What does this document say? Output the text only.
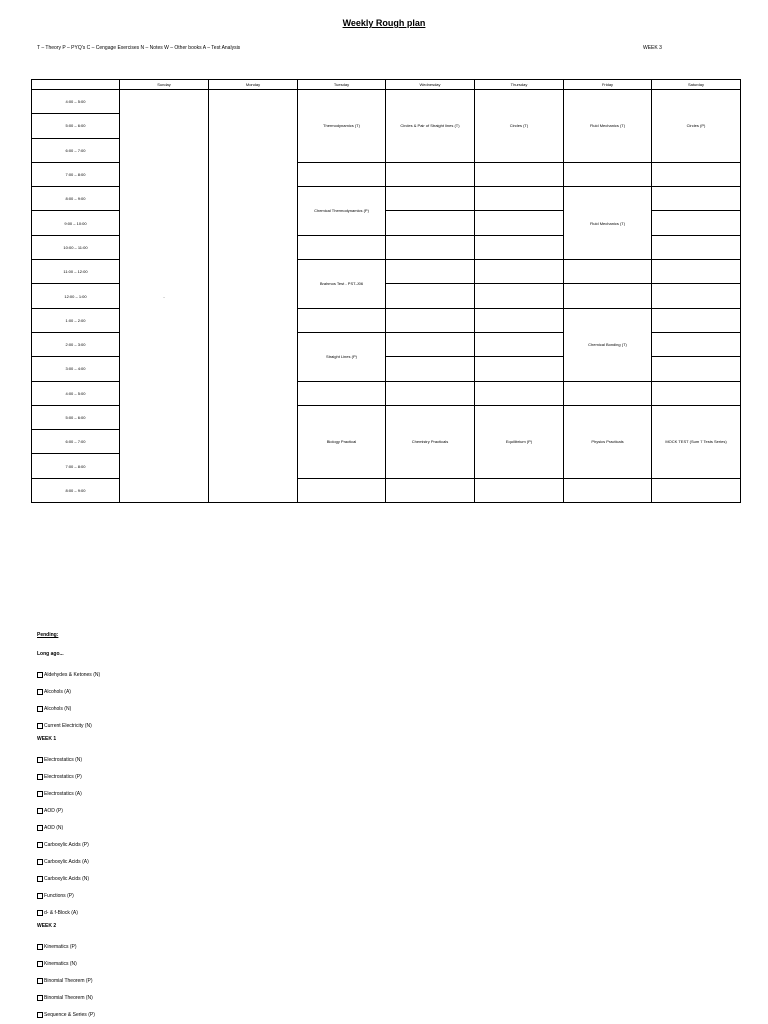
Weekly Rough plan
T – Theory P – PYQ's C – Cengage Exercises N – Notes W – Other books A – Test Analysis	WEEK 3
	Sunday	Monday	Tuesday	Wednesday	Thursday	Friday	Saturday
4:00 – 5:00	-		Thermodynamics (T)	Circles & Pair of Straight lines (T)	Circles (T)	Fluid Mechanics (T)	Circles (P)
5:00 – 6:00							
6:00 – 7:00							
7:00 – 8:00							
8:00 – 9:00			Chemical Thermodynamics (P)			Fluid Mechanics (T)	
9:00 – 10:00							
10:00 – 11:00							
11:00 – 12:00			Brahmos Test - PST-J06				
12:00 – 1:00							
1:00 – 2:00						Chemical Bonding (T)	
2:00 – 3:00			Straight Lines (P)				
3:00 – 4:00							
4:00 – 5:00							
5:00 – 6:00			Biology Practical	Chemistry Practicals	Equilibrium (P)	Physics Practicals	MOCK TEST (Sum 7 Tests Series)
6:00 – 7:00							
7:00 – 8:00							
8:00 – 9:00							
Pending:
Long ago...
Aldehydes & Ketones (N)
Alcohols (A)
Alcohols (N)
Current Electricity (N)
WEEK 1
Electrostatics (N)
Electrostatics (P)
Electrostatics (A)
AOD (P)
AOD (N)
Carboxylic Acids (P)
Carboxylic Acids (A)
Carboxylic Acids (N)
Functions (P)
d- & f-Block (A)
WEEK 2
Kinematics (P)
Kinematics (N)
Binomial Theorem (P)
Binomial Theorem (N)
Sequence & Series (P)
